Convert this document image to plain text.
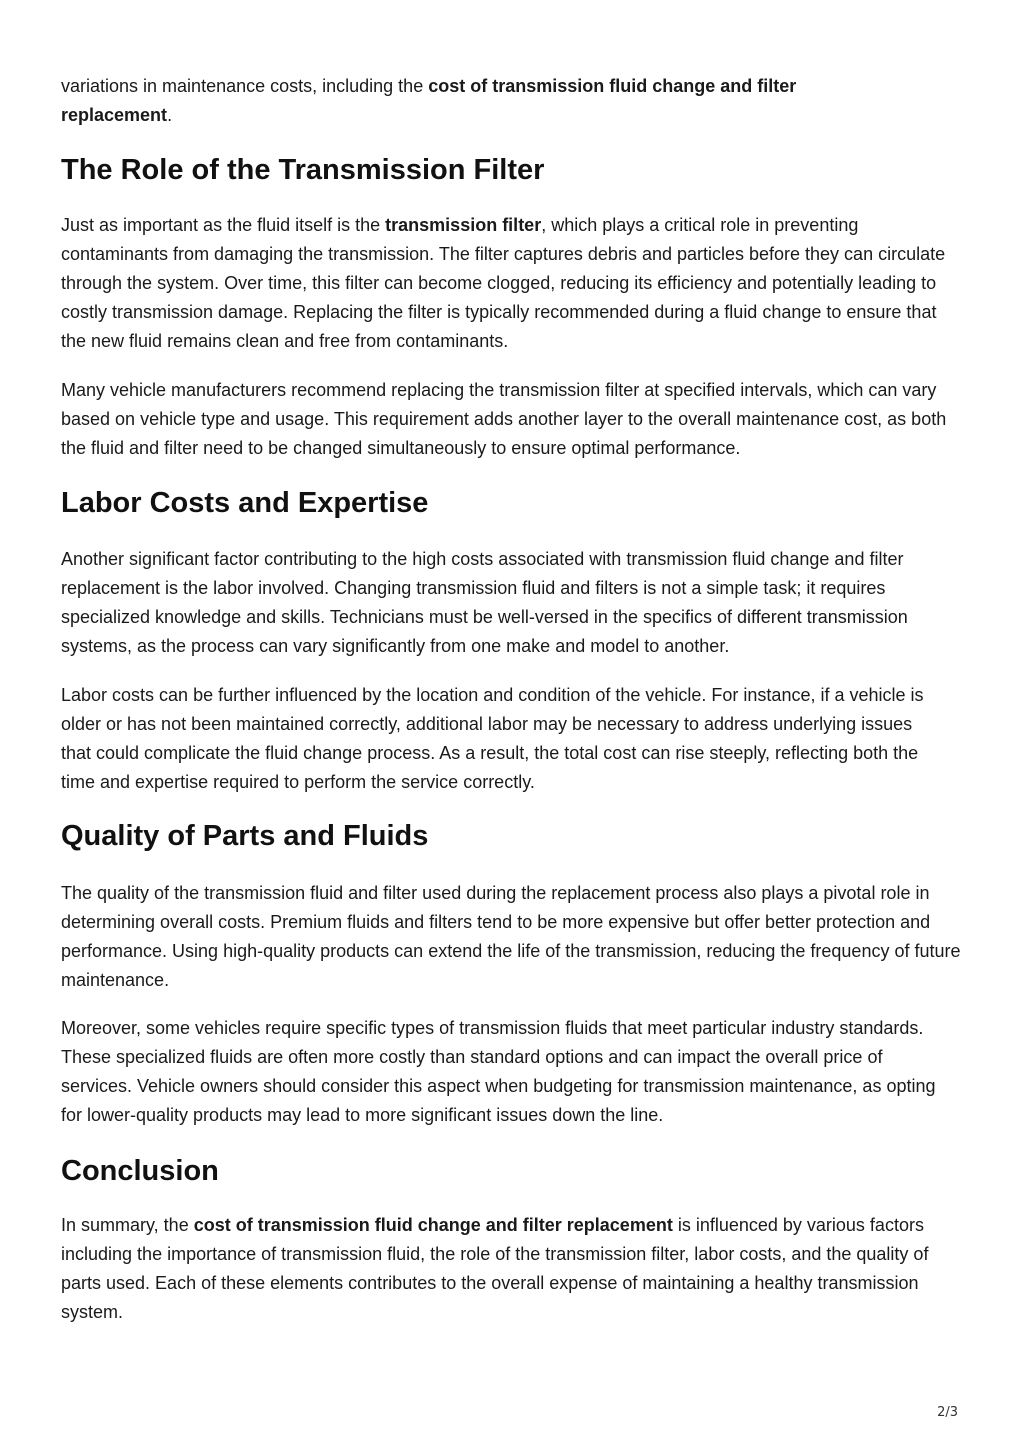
variations in maintenance costs, including the cost of transmission fluid change and filter replacement.

The Role of the Transmission Filter

Just as important as the fluid itself is the transmission filter, which plays a critical role in preventing contaminants from damaging the transmission. The filter captures debris and particles before they can circulate through the system. Over time, this filter can become clogged, reducing its efficiency and potentially leading to costly transmission damage. Replacing the filter is typically recommended during a fluid change to ensure that the new fluid remains clean and free from contaminants.

Many vehicle manufacturers recommend replacing the transmission filter at specified intervals, which can vary based on vehicle type and usage. This requirement adds another layer to the overall maintenance cost, as both the fluid and filter need to be changed simultaneously to ensure optimal performance.

Labor Costs and Expertise

Another significant factor contributing to the high costs associated with transmission fluid change and filter replacement is the labor involved. Changing transmission fluid and filters is not a simple task; it requires specialized knowledge and skills. Technicians must be well-versed in the specifics of different transmission systems, as the process can vary significantly from one make and model to another.

Labor costs can be further influenced by the location and condition of the vehicle. For instance, if a vehicle is older or has not been maintained correctly, additional labor may be necessary to address underlying issues that could complicate the fluid change process. As a result, the total cost can rise steeply, reflecting both the time and expertise required to perform the service correctly.

Quality of Parts and Fluids

The quality of the transmission fluid and filter used during the replacement process also plays a pivotal role in determining overall costs. Premium fluids and filters tend to be more expensive but offer better protection and performance. Using high-quality products can extend the life of the transmission, reducing the frequency of future maintenance.

Moreover, some vehicles require specific types of transmission fluids that meet particular industry standards. These specialized fluids are often more costly than standard options and can impact the overall price of services. Vehicle owners should consider this aspect when budgeting for transmission maintenance, as opting for lower-quality products may lead to more significant issues down the line.

Conclusion

In summary, the cost of transmission fluid change and filter replacement is influenced by various factors including the importance of transmission fluid, the role of the transmission filter, labor costs, and the quality of parts used. Each of these elements contributes to the overall expense of maintaining a healthy transmission system.

2/3
